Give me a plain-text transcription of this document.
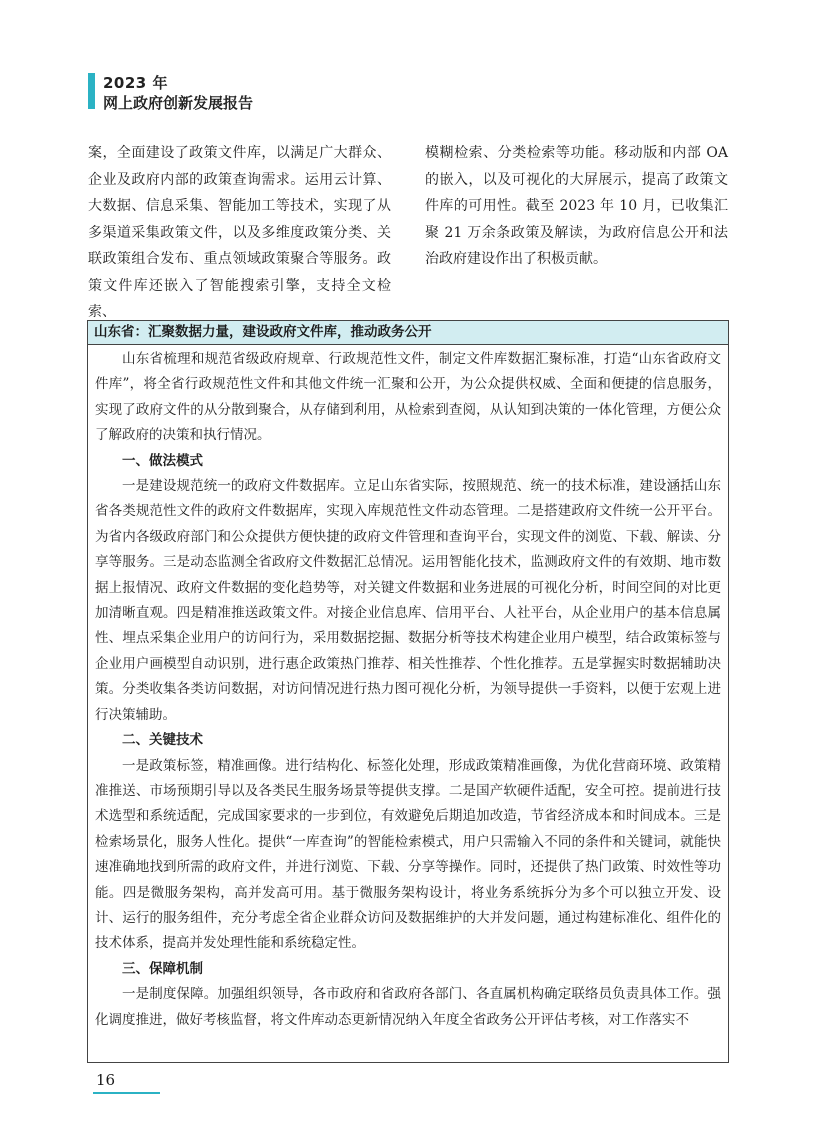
2023 年
网上政府创新发展报告

案，全面建设了政策文件库，以满足广大群众、企业及政府内部的政策查询需求。运用云计算、大数据、信息采集、智能加工等技术，实现了从多渠道采集政策文件，以及多维度政策分类、关联政策组合发布、重点领域政策聚合等服务。政策文件库还嵌入了智能搜索引擎，支持全文检索、

模糊检索、分类检索等功能。移动版和内部 OA 的嵌入，以及可视化的大屏展示，提高了政策文件库的可用性。截至 2023 年 10 月，已收集汇聚 21 万余条政策及解读，为政府信息公开和法治政府建设作出了积极贡献。

山东省：汇聚数据力量，建设政府文件库，推动政务公开

山东省梳理和规范省级政府规章、行政规范性文件，制定文件库数据汇聚标准，打造“山东省政府文件库”，将全省行政规范性文件和其他文件统一汇聚和公开，为公众提供权威、全面和便捷的信息服务，实现了政府文件的从分散到聚合，从存储到利用，从检索到查阅，从认知到决策的一体化管理，方便公众了解政府的决策和执行情况。

一、做法模式

一是建设规范统一的政府文件数据库。立足山东省实际，按照规范、统一的技术标准，建设涵括山东省各类规范性文件的政府文件数据库，实现入库规范性文件动态管理。二是搭建政府文件统一公开平台。为省内各级政府部门和公众提供方便快捷的政府文件管理和查询平台，实现文件的浏览、下载、解读、分享等服务。三是动态监测全省政府文件数据汇总情况。运用智能化技术，监测政府文件的有效期、地市数据上报情况、政府文件数据的变化趋势等，对关键文件数据和业务进展的可视化分析，时间空间的对比更加清晰直观。四是精准推送政策文件。对接企业信息库、信用平台、人社平台，从企业用户的基本信息属性、埋点采集企业用户的访问行为，采用数据挖掘、数据分析等技术构建企业用户模型，结合政策标签与企业用户画模型自动识别，进行惠企政策热门推荐、相关性推荐、个性化推荐。五是掌握实时数据辅助决策。分类收集各类访问数据，对访问情况进行热力图可视化分析，为领导提供一手资料，以便于宏观上进行决策辅助。

二、关键技术

一是政策标签，精准画像。进行结构化、标签化处理，形成政策精准画像，为优化营商环境、政策精准推送、市场预期引导以及各类民生服务场景等提供支撑。二是国产软硬件适配，安全可控。提前进行技术选型和系统适配，完成国家要求的一步到位，有效避免后期追加改造，节省经济成本和时间成本。三是检索场景化，服务人性化。提供“一库查询”的智能检索模式，用户只需输入不同的条件和关键词，就能快速准确地找到所需的政府文件，并进行浏览、下载、分享等操作。同时，还提供了热门政策、时效性等功能。四是微服务架构，高并发高可用。基于微服务架构设计，将业务系统拆分为多个可以独立开发、设计、运行的服务组件，充分考虑全省企业群众访问及数据维护的大并发问题，通过构建标准化、组件化的技术体系，提高并发处理性能和系统稳定性。

三、保障机制

一是制度保障。加强组织领导，各市政府和省政府各部门、各直属机构确定联络员负责具体工作。强化调度推进，做好考核监督，将文件库动态更新情况纳入年度全省政务公开评估考核，对工作落实不

16
